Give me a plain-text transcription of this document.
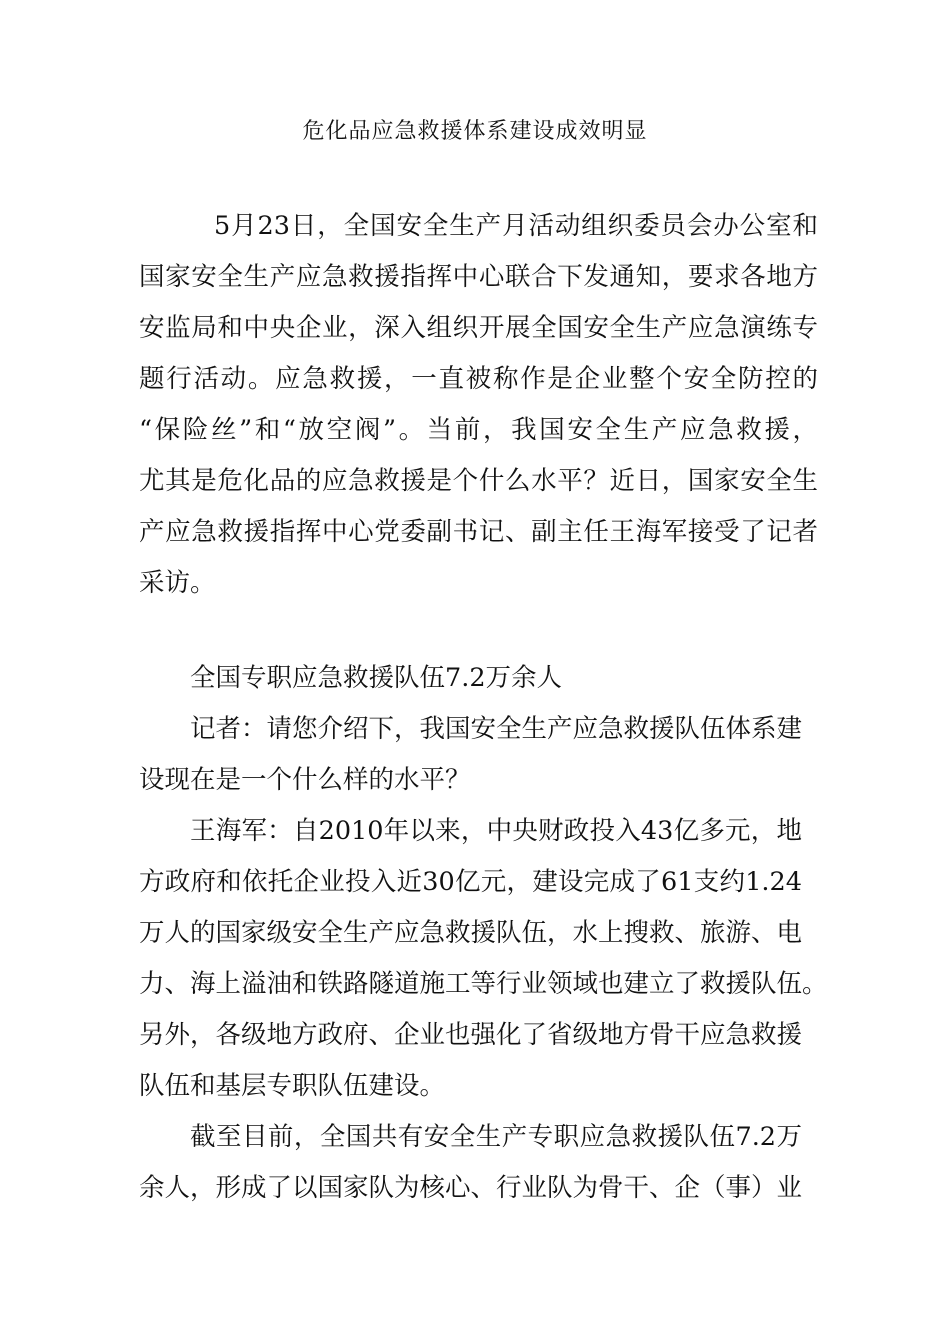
危化品应急救援体系建设成效明显
5月23日，全国安全生产月活动组织委员会办公室和
国家安全生产应急救援指挥中心联合下发通知，要求各地方
安监局和中央企业，深入组织开展全国安全生产应急演练专
题行活动。应急救援，一直被称作是企业整个安全防控的
“保险丝”和“放空阀”。当前，我国安全生产应急救援，
尤其是危化品的应急救援是个什么水平？近日，国家安全生
产应急救援指挥中心党委副书记、副主任王海军接受了记者
采访。
全国专职应急救援队伍7.2万余人
记者：请您介绍下，我国安全生产应急救援队伍体系建
设现在是一个什么样的水平？
王海军：自2010年以来，中央财政投入43亿多元，地
方政府和依托企业投入近30亿元，建设完成了61支约1.24
万人的国家级安全生产应急救援队伍，水上搜救、旅游、电
力、海上溢油和铁路隧道施工等行业领域也建立了救援队伍。
另外，各级地方政府、企业也强化了省级地方骨干应急救援
队伍和基层专职队伍建设。
截至目前，全国共有安全生产专职应急救援队伍7.2万
余人，形成了以国家队为核心、行业队为骨干、企（事）业
